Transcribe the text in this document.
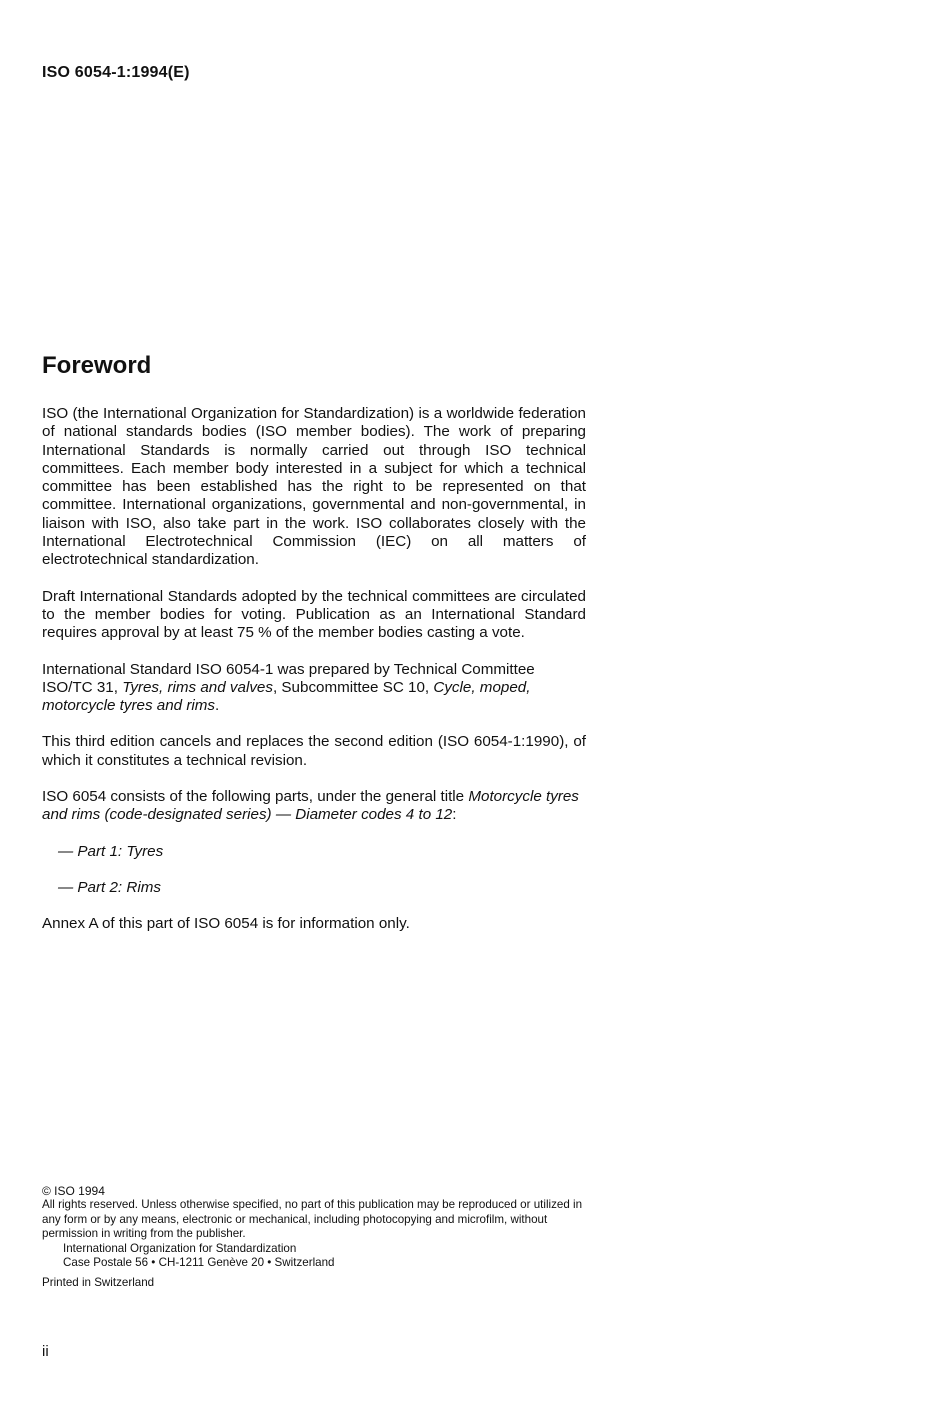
ISO 6054-1:1994(E)
Foreword

ISO (the International Organization for Standardization) is a worldwide federation of national standards bodies (ISO member bodies). The work of preparing International Standards is normally carried out through ISO technical committees. Each member body interested in a subject for which a technical committee has been established has the right to be represented on that committee. International organizations, governmental and non-governmental, in liaison with ISO, also take part in the work. ISO collaborates closely with the International Electrotechnical Commission (IEC) on all matters of electrotechnical standardization.

Draft International Standards adopted by the technical committees are circulated to the member bodies for voting. Publication as an International Standard requires approval by at least 75 % of the member bodies casting a vote.

International Standard ISO 6054-1 was prepared by Technical Committee ISO/TC 31, Tyres, rims and valves, Subcommittee SC 10, Cycle, moped, motorcycle tyres and rims.

This third edition cancels and replaces the second edition (ISO 6054-1:1990), of which it constitutes a technical revision.

ISO 6054 consists of the following parts, under the general title Motorcycle tyres and rims (code-designated series) — Diameter codes 4 to 12:

— Part 1: Tyres
— Part 2: Rims

Annex A of this part of ISO 6054 is for information only.

© ISO 1994
All rights reserved. Unless otherwise specified, no part of this publication may be reproduced or utilized in any form or by any means, electronic or mechanical, including photocopying and microfilm, without permission in writing from the publisher.
International Organization for Standardization
Case Postale 56 • CH-1211 Genève 20 • Switzerland
Printed in Switzerland
ii
